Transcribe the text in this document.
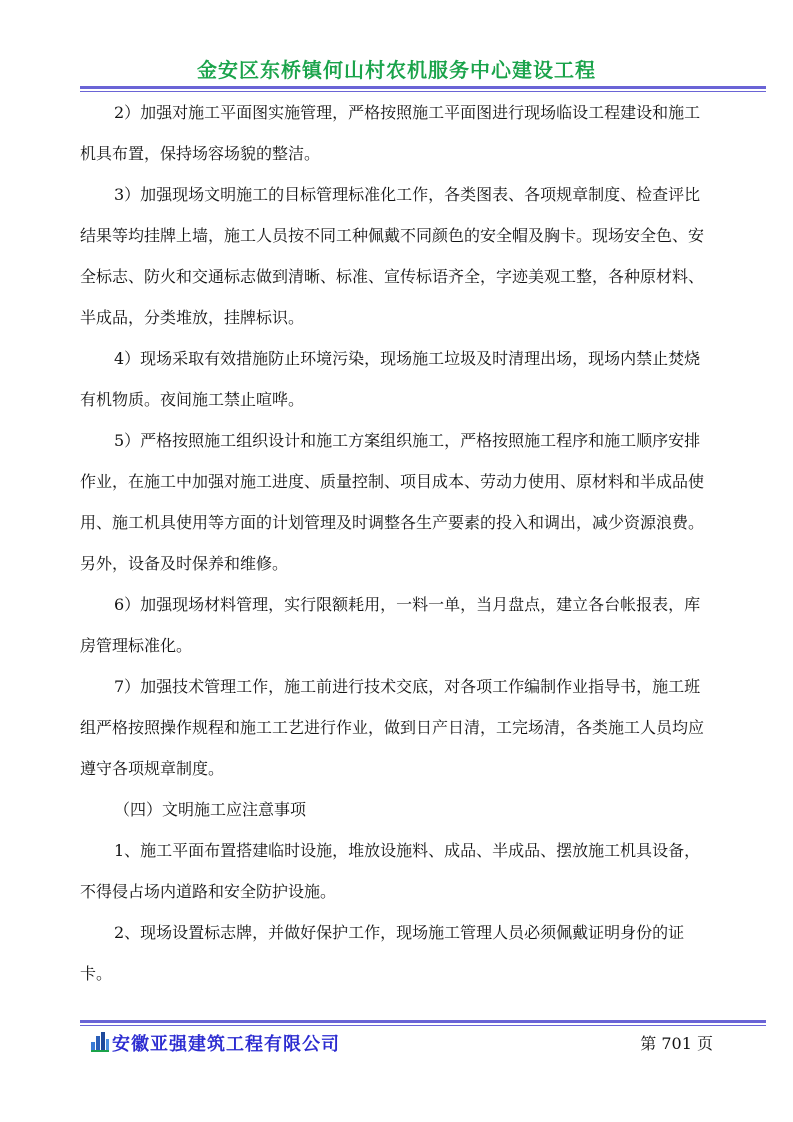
金安区东桥镇何山村农机服务中心建设工程

2）加强对施工平面图实施管理，严格按照施工平面图进行现场临设工程建设和施工机具布置，保持场容场貌的整洁。

3）加强现场文明施工的目标管理标准化工作，各类图表、各项规章制度、检查评比结果等均挂牌上墙，施工人员按不同工种佩戴不同颜色的安全帽及胸卡。现场安全色、安全标志、防火和交通标志做到清晰、标准、宣传标语齐全，字迹美观工整，各种原材料、半成品，分类堆放，挂牌标识。

4）现场采取有效措施防止环境污染，现场施工垃圾及时清理出场，现场内禁止焚烧有机物质。夜间施工禁止喧哗。

5）严格按照施工组织设计和施工方案组织施工，严格按照施工程序和施工顺序安排作业，在施工中加强对施工进度、质量控制、项目成本、劳动力使用、原材料和半成品使用、施工机具使用等方面的计划管理及时调整各生产要素的投入和调出，减少资源浪费。另外，设备及时保养和维修。

6）加强现场材料管理，实行限额耗用，一料一单，当月盘点，建立各台帐报表，库房管理标准化。

7）加强技术管理工作，施工前进行技术交底，对各项工作编制作业指导书，施工班组严格按照操作规程和施工工艺进行作业，做到日产日清，工完场清，各类施工人员均应遵守各项规章制度。

（四）文明施工应注意事项

1、施工平面布置搭建临时设施，堆放设施料、成品、半成品、摆放施工机具设备，不得侵占场内道路和安全防护设施。

2、现场设置标志牌，并做好保护工作，现场施工管理人员必须佩戴证明身份的证卡。

安徽亚强建筑工程有限公司	第 701 页
